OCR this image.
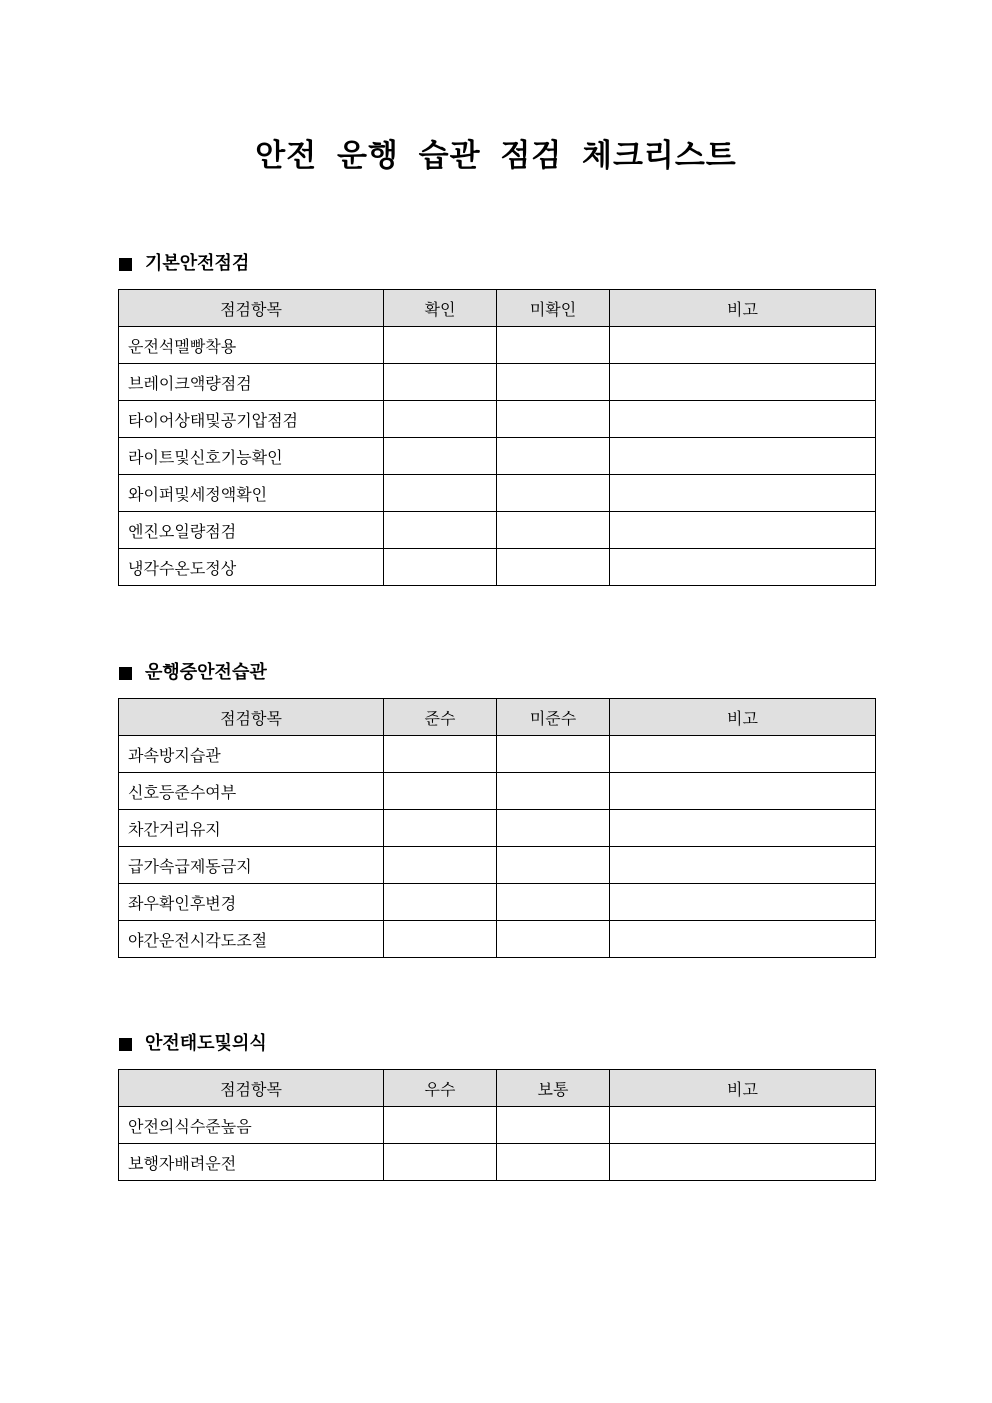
안전 운행 습관 점검 체크리스트
기본안전점검
점검항목	확인	미확인	비고
운전석멜빵착용			
브레이크액량점검			
타이어상태및공기압점검			
라이트및신호기능확인			
와이퍼및세정액확인			
엔진오일량점검			
냉각수온도정상			
운행중안전습관
점검항목	준수	미준수	비고
과속방지습관			
신호등준수여부			
차간거리유지			
급가속급제동금지			
좌우확인후변경			
야간운전시각도조절			
안전태도및의식
점검항목	우수	보통	비고
안전의식수준높음			
보행자배려운전			
